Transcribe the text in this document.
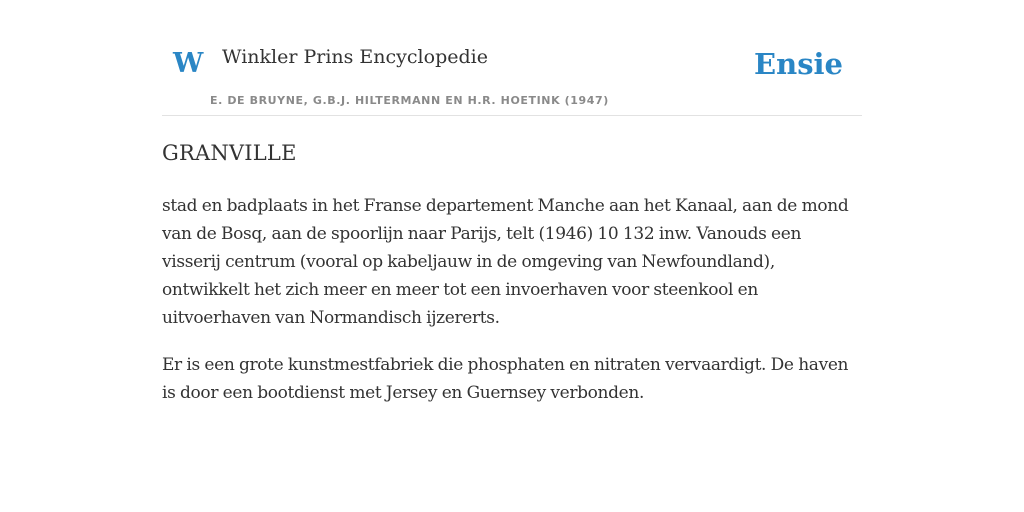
W Winkler Prins Encyclopedie
E. DE BRUYNE, G.B.J. HILTERMANN EN H.R. HOETINK (1947)
Ensie
GRANVILLE

stad en badplaats in het Franse departement Manche aan het Kanaal, aan de mond van de Bosq, aan de spoorlijn naar Parijs, telt (1946) 10 132 inw. Vanouds een visserij centrum (vooral op kabeljauw in de omgeving van Newfoundland), ontwikkelt het zich meer en meer tot een invoerhaven voor steenkool en uitvoerhaven van Normandisch ijzererts.

Er is een grote kunstmestfabriek die phosphaten en nitraten vervaardigt. De haven is door een bootdienst met Jersey en Guernsey verbonden.
